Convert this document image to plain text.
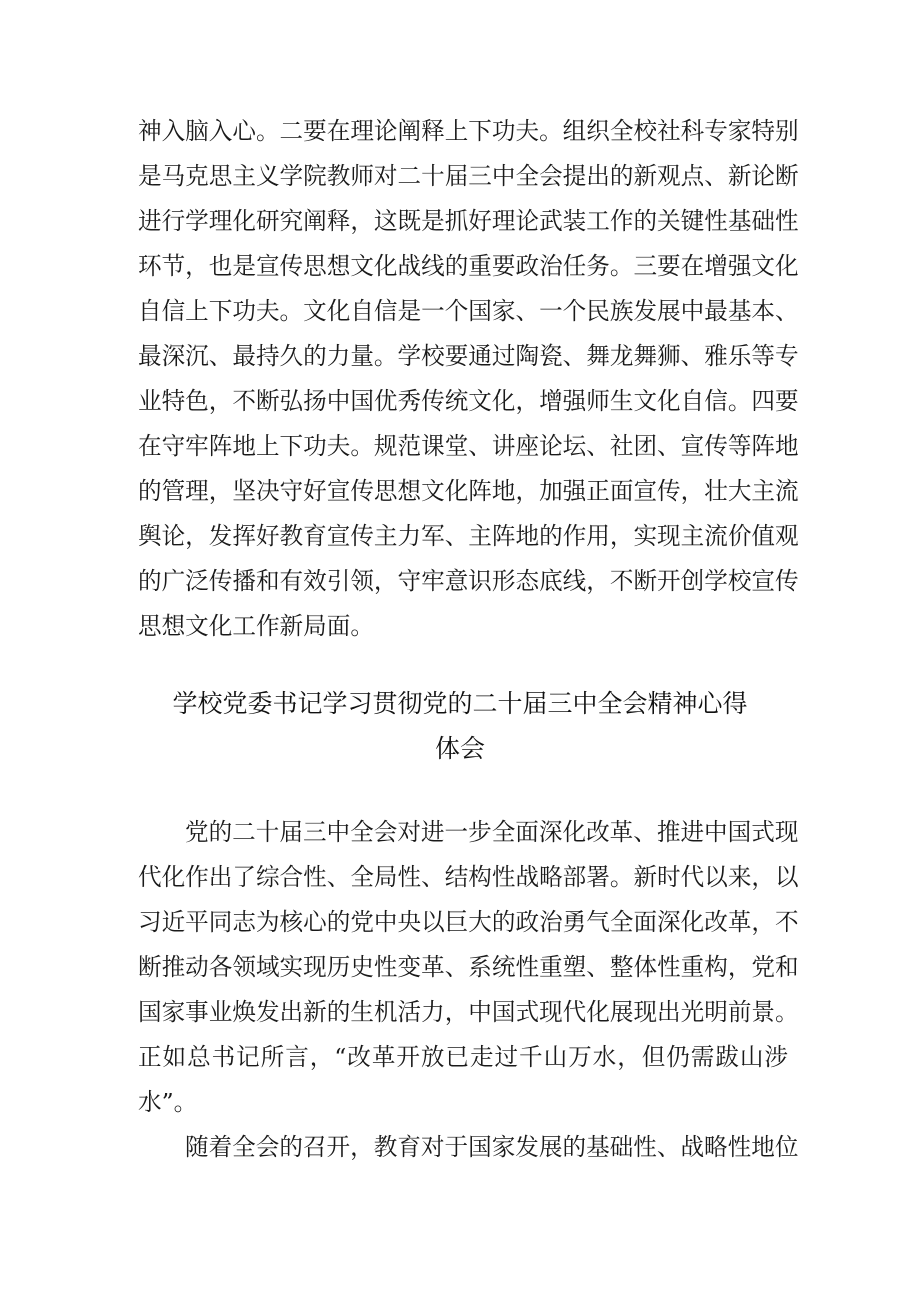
神入脑入心。二要在理论阐释上下功夫。组织全校社科专家特别
是马克思主义学院教师对二十届三中全会提出的新观点、新论断
进行学理化研究阐释，这既是抓好理论武装工作的关键性基础性
环节，也是宣传思想文化战线的重要政治任务。三要在增强文化
自信上下功夫。文化自信是一个国家、一个民族发展中最基本、
最深沉、最持久的力量。学校要通过陶瓷、舞龙舞狮、雅乐等专
业特色，不断弘扬中国优秀传统文化，增强师生文化自信。四要
在守牢阵地上下功夫。规范课堂、讲座论坛、社团、宣传等阵地
的管理，坚决守好宣传思想文化阵地，加强正面宣传，壮大主流
舆论，发挥好教育宣传主力军、主阵地的作用，实现主流价值观
的广泛传播和有效引领，守牢意识形态底线，不断开创学校宣传
思想文化工作新局面。
学校党委书记学习贯彻党的二十届三中全会精神心得
体会
党的二十届三中全会对进一步全面深化改革、推进中国式现
代化作出了综合性、全局性、结构性战略部署。新时代以来，以
习近平同志为核心的党中央以巨大的政治勇气全面深化改革，不
断推动各领域实现历史性变革、系统性重塑、整体性重构，党和
国家事业焕发出新的生机活力，中国式现代化展现出光明前景。
正如总书记所言，“改革开放已走过千山万水，但仍需跋山涉
水”。
随着全会的召开，教育对于国家发展的基础性、战略性地位
